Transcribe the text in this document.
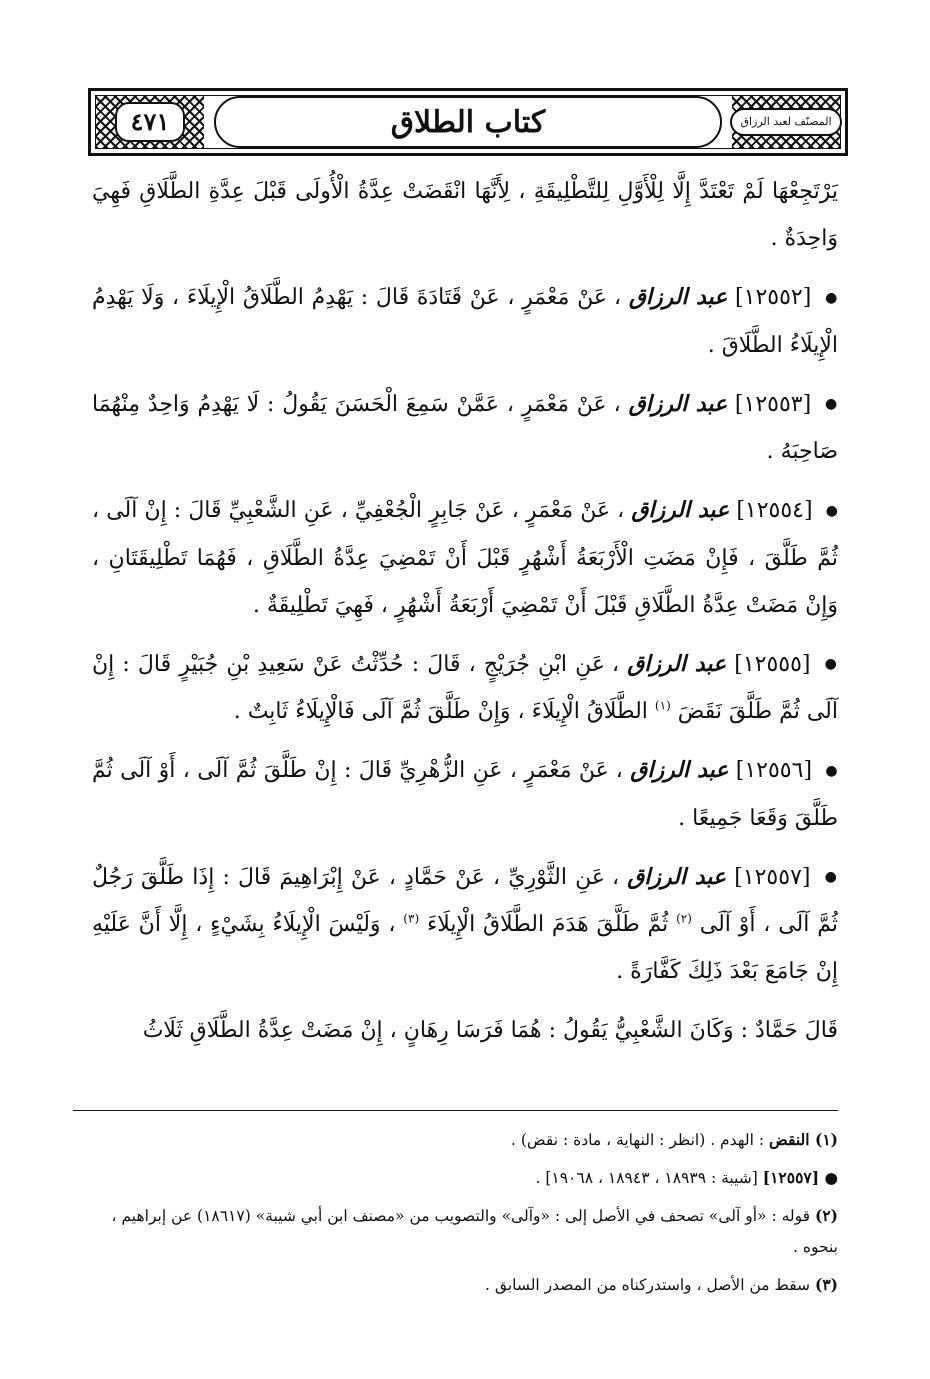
٤٧١	كتاب الطلاق	المصنّف لعبد الرزاق

يَرْتَجِعْهَا لَمْ تَعْتَدَّ إِلَّا لِلْأَوَّلِ لِلتَّطْلِيقَةِ ، لِأَنَّهَا انْقَضَتْ عِدَّةُ الْأُولَى قَبْلَ عِدَّةِ الطَّلَاقِ فَهِيَ وَاحِدَةٌ .

● [١٢٥٥٢] عبد الرزاق ، عَنْ مَعْمَرٍ ، عَنْ قَتَادَةَ قَالَ : يَهْدِمُ الطَّلَاقُ الْإِيلَاءَ ، وَلَا يَهْدِمُ الْإِيلَاءُ الطَّلَاقَ .

● [١٢٥٥٣] عبد الرزاق ، عَنْ مَعْمَرٍ ، عَمَّنْ سَمِعَ الْحَسَنَ يَقُولُ : لَا يَهْدِمُ وَاحِدٌ مِنْهُمَا صَاحِبَهُ .

● [١٢٥٥٤] عبد الرزاق ، عَنْ مَعْمَرٍ ، عَنْ جَابِرٍ الْجُعْفِيِّ ، عَنِ الشَّعْبِيِّ قَالَ : إِنْ آلَى ، ثُمَّ طَلَّقَ ، فَإِنْ مَضَتِ الْأَرْبَعَةُ أَشْهُرٍ قَبْلَ أَنْ تَمْضِيَ عِدَّةُ الطَّلَاقِ ، فَهُمَا تَطْلِيقَتَانِ ، وَإِنْ مَضَتْ عِدَّةُ الطَّلَاقِ قَبْلَ أَنْ تَمْضِيَ أَرْبَعَةُ أَشْهُرٍ ، فَهِيَ تَطْلِيقَةٌ .

● [١٢٥٥٥] عبد الرزاق ، عَنِ ابْنِ جُرَيْجٍ ، قَالَ : حُدِّثْتُ عَنْ سَعِيدِ بْنِ جُبَيْرٍ قَالَ : إِنْ آلَى ثُمَّ طَلَّقَ نَقَضَ $^{(١)}$ الطَّلَاقُ الْإِيلَاءَ ، وَإِنْ طَلَّقَ ثُمَّ آلَى فَالْإِيلَاءُ ثَابِتٌ .

● [١٢٥٥٦] عبد الرزاق ، عَنْ مَعْمَرٍ ، عَنِ الزُّهْرِيِّ قَالَ : إِنْ طَلَّقَ ثُمَّ آلَى ، أَوْ آلَى ثُمَّ طَلَّقَ وَقَعَا جَمِيعًا .

● [١٢٥٥٧] عبد الرزاق ، عَنِ الثَّوْرِيِّ ، عَنْ حَمَّادٍ ، عَنْ إِبْرَاهِيمَ قَالَ : إِذَا طَلَّقَ رَجُلٌ ثُمَّ آلَى ، أَوْ آلَى $^{(٢)}$ ثُمَّ طَلَّقَ هَدَمَ الطَّلَاقُ الْإِيلَاءَ $^{(٣)}$ ، وَلَيْسَ الْإِيلَاءُ بِشَيْءٍ ، إِلَّا أَنَّ عَلَيْهِ إِنْ جَامَعَ بَعْدَ ذَلِكَ كَفَّارَةً .

قَالَ حَمَّادٌ : وَكَانَ الشَّعْبِيُّ يَقُولُ : هُمَا فَرَسَا رِهَانٍ ، إِنْ مَضَتْ عِدَّةُ الطَّلَاقِ ثَلَاثُ

(١) النقض : الهدم . (انظر : النهاية ، مادة : نقض) .

● [١٢٥٥٧] [شيبة : ١٨٩٣٩ ، ١٨٩٤٣ ، ١٩٠٦٨] .

(٢) قوله : «أو آلى» تصحف في الأصل إلى : «وآلى» والتصويب من «مصنف ابن أبي شيبة» (١٨٦١٧) عن إبراهيم ، بنحوه .

(٣) سقط من الأصل ، واستدركناه من المصدر السابق .
